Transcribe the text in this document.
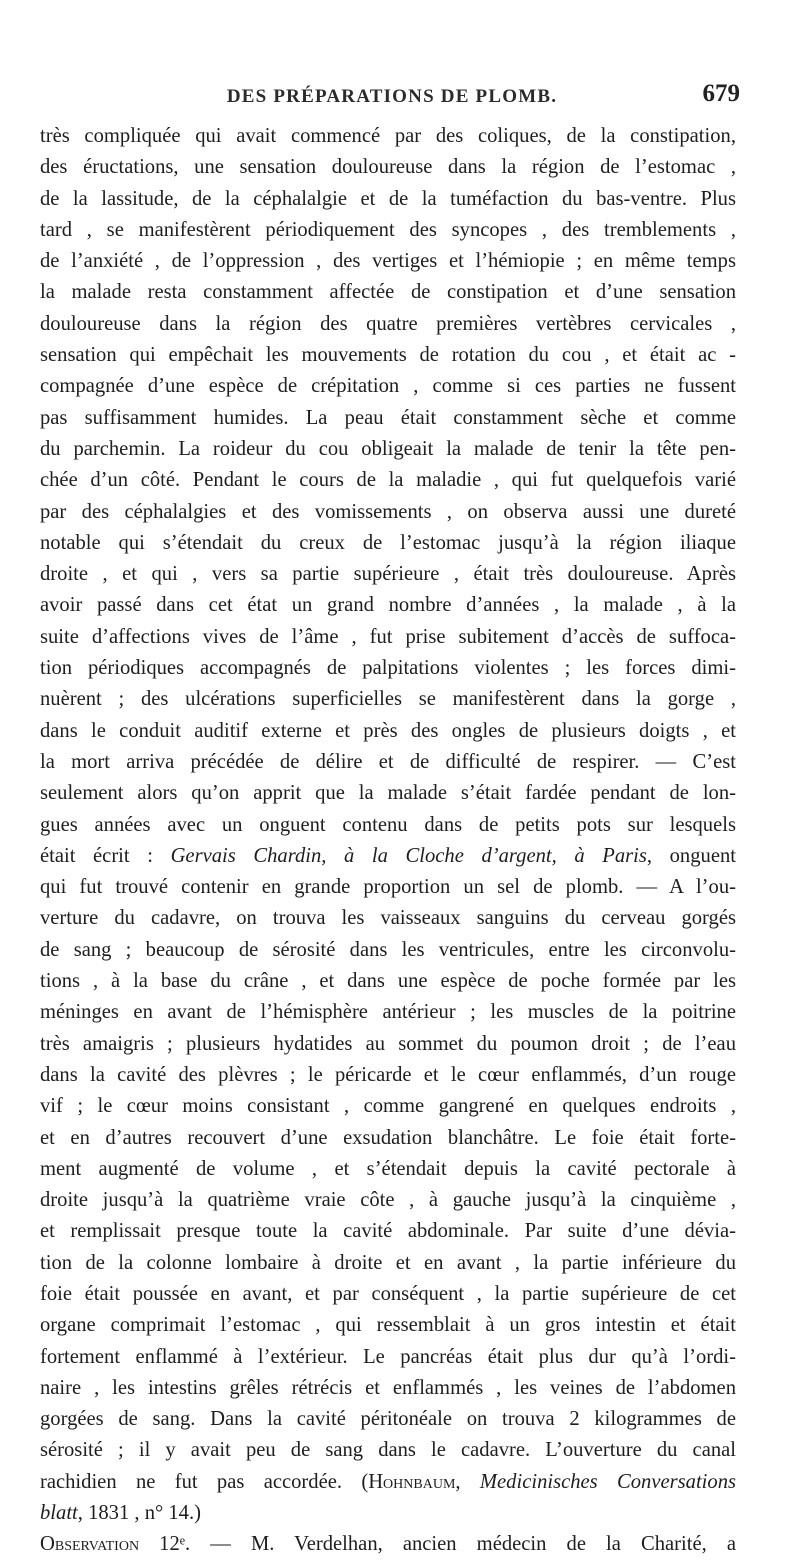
DES PRÉPARATIONS DE PLOMB.	679
très compliquée qui avait commencé par des coliques, de la constipation,
des éructations, une sensation douloureuse dans la région de l’estomac ,
de la lassitude, de la céphalalgie et de la tuméfaction du bas-ventre. Plus
tard , se manifestèrent périodiquement des syncopes , des tremblements ,
de l’anxiété , de l’oppression , des vertiges et l’hémiopie ; en même temps
la malade resta constamment affectée de constipation et d’une sensation
douloureuse dans la région des quatre premières vertèbres cervicales ,
sensation qui empêchait les mouvements de rotation du cou , et était ac -
compagnée d’une espèce de crépitation , comme si ces parties ne fussent
pas suffisamment humides. La peau était constamment sèche et comme
du parchemin. La roideur du cou obligeait la malade de tenir la tête pen-
chée d’un côté. Pendant le cours de la maladie , qui fut quelquefois varié
par des céphalalgies et des vomissements , on observa aussi une dureté
notable qui s’étendait du creux de l’estomac jusqu’à la région iliaque
droite , et qui , vers sa partie supérieure , était très douloureuse. Après
avoir passé dans cet état un grand nombre d’années , la malade , à la
suite d’affections vives de l’âme , fut prise subitement d’accès de suffoca-
tion périodiques accompagnés de palpitations violentes ; les forces dimi-
nuèrent ; des ulcérations superficielles se manifestèrent dans la gorge ,
dans le conduit auditif externe et près des ongles de plusieurs doigts , et
la mort arriva précédée de délire et de difficulté de respirer. — C’est
seulement alors qu’on apprit que la malade s’était fardée pendant de lon-
gues années avec un onguent contenu dans de petits pots sur lesquels
était écrit : Gervais Chardin, à la Cloche d’argent, à Paris, onguent
qui fut trouvé contenir en grande proportion un sel de plomb. — A l’ou-
verture du cadavre, on trouva les vaisseaux sanguins du cerveau gorgés
de sang ; beaucoup de sérosité dans les ventricules, entre les circonvolu-
tions , à la base du crâne , et dans une espèce de poche formée par les
méninges en avant de l’hémisphère antérieur ; les muscles de la poitrine
très amaigris ; plusieurs hydatides au sommet du poumon droit ; de l’eau
dans la cavité des plèvres ; le péricarde et le cœur enflammés, d’un rouge
vif ; le cœur moins consistant , comme gangrené en quelques endroits ,
et en d’autres recouvert d’une exsudation blanchâtre. Le foie était forte-
ment augmenté de volume , et s’étendait depuis la cavité pectorale à
droite jusqu’à la quatrième vraie côte , à gauche jusqu’à la cinquième ,
et remplissait presque toute la cavité abdominale. Par suite d’une dévia-
tion de la colonne lombaire à droite et en avant , la partie inférieure du
foie était poussée en avant, et par conséquent , la partie supérieure de cet
organe comprimait l’estomac , qui ressemblait à un gros intestin et était
fortement enflammé à l’extérieur. Le pancréas était plus dur qu’à l’ordi-
naire , les intestins grêles rétrécis et enflammés , les veines de l’abdomen
gorgées de sang. Dans la cavité péritonéale on trouva 2 kilogrammes de
sérosité ; il y avait peu de sang dans le cadavre. L’ouverture du canal
rachidien ne fut pas accordée. (Hohnbaum, Medicinisches Conversations
blatt, 1831 , n° 14.)
Observation 12ᵉ. — M. Verdelhan, ancien médecin de la Charité, a
